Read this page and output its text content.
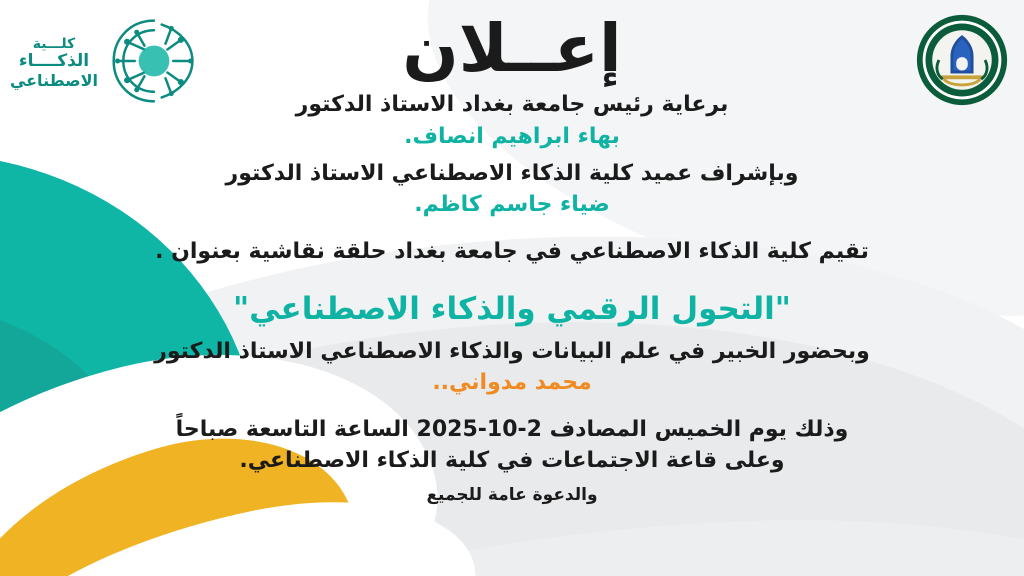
كلـــية
الذكــــاء
الاصطناعي	إعــلان
برعاية رئيس جامعة بغداد الاستاذ الدكتور
بهاء ابراهيم انصاف.
وبإشراف عميد كلية الذكاء الاصطناعي الاستاذ الدكتور
ضياء جاسم كاظم.
تقيم كلية الذكاء الاصطناعي في جامعة بغداد حلقة نقاشية بعنوان .
"التحول الرقمي والذكاء الاصطناعي"
وبحضور الخبير في علم البيانات والذكاء الاصطناعي الاستاذ الدكتور
محمد مدواني..
وذلك يوم الخميس المصادف 2-10-2025 الساعة التاسعة صباحاً
وعلى قاعة الاجتماعات في كلية الذكاء الاصطناعي.
والدعوة عامة للجميع
